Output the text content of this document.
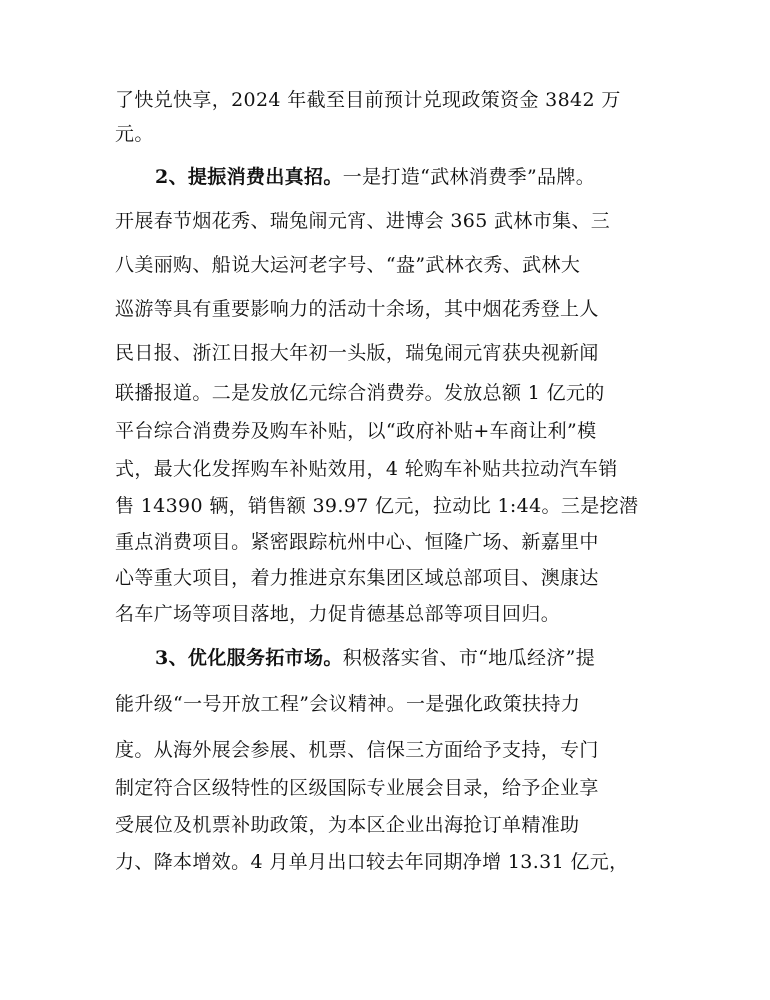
了快兑快享，2024 年截至目前预计兑现政策资金 3842 万
元。
2、提振消费出真招。一是打造“武林消费季”品牌。
开展春节烟花秀、瑞兔闹元宵、进博会 365 武林市集、三
八美丽购、船说大运河老字号、“盎”武林衣秀、武林大
巡游等具有重要影响力的活动十余场，其中烟花秀登上人
民日报、浙江日报大年初一头版，瑞兔闹元宵获央视新闻
联播报道。二是发放亿元综合消费券。发放总额 1 亿元的
平台综合消费券及购车补贴，以“政府补贴+车商让利”模
式，最大化发挥购车补贴效用，4 轮购车补贴共拉动汽车销
售 14390 辆，销售额 39.97 亿元，拉动比 1:44。三是挖潜
重点消费项目。紧密跟踪杭州中心、恒隆广场、新嘉里中
心等重大项目，着力推进京东集团区域总部项目、澳康达
名车广场等项目落地，力促肯德基总部等项目回归。
3、优化服务拓市场。积极落实省、市“地瓜经济”提
能升级“一号开放工程”会议精神。一是强化政策扶持力
度。从海外展会参展、机票、信保三方面给予支持，专门
制定符合区级特性的区级国际专业展会目录，给予企业享
受展位及机票补助政策，为本区企业出海抢订单精准助
力、降本增效。4 月单月出口较去年同期净增 13.31 亿元，
